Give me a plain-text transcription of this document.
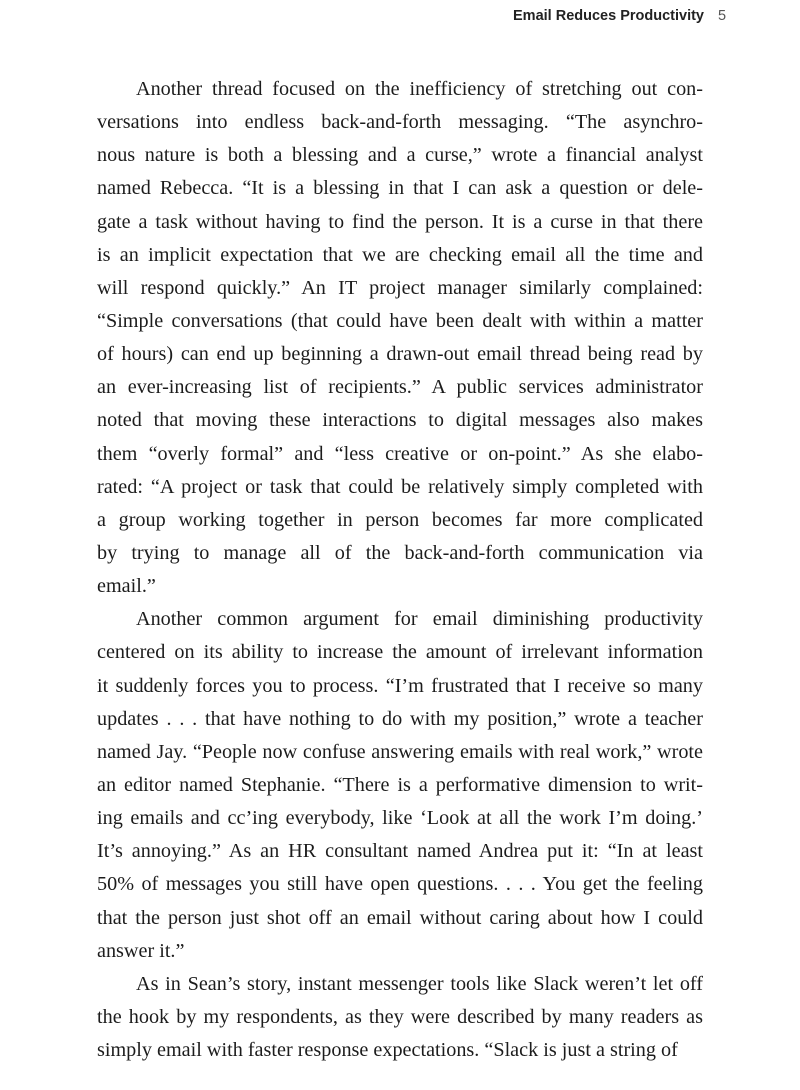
Email Reduces Productivity 5
Another thread focused on the inefficiency of stretching out con-
versations into endless back-and-forth messaging. “The asynchro-
nous nature is both a blessing and a curse,” wrote a financial analyst
named Rebecca. “It is a blessing in that I can ask a question or dele-
gate a task without having to find the person. It is a curse in that there
is an implicit expectation that we are checking email all the time and
will respond quickly.” An IT project manager similarly complained:
“Simple conversations (that could have been dealt with within a matter
of hours) can end up beginning a drawn-out email thread being read by
an ever-increasing list of recipients.” A public services administrator
noted that moving these interactions to digital messages also makes
them “overly formal” and “less creative or on-point.” As she elabo-
rated: “A project or task that could be relatively simply completed with
a group working together in person becomes far more complicated
by trying to manage all of the back-and-forth communication via
email.”
Another common argument for email diminishing productivity
centered on its ability to increase the amount of irrelevant information
it suddenly forces you to process. “I’m frustrated that I receive so many
updates . . . that have nothing to do with my position,” wrote a teacher
named Jay. “People now confuse answering emails with real work,” wrote
an editor named Stephanie. “There is a performative dimension to writ-
ing emails and cc’ing everybody, like ‘Look at all the work I’m doing.’
It’s annoying.” As an HR consultant named Andrea put it: “In at least
50% of messages you still have open questions. . . . You get the feeling
that the person just shot off an email without caring about how I could
answer it.”
As in Sean’s story, instant messenger tools like Slack weren’t let off
the hook by my respondents, as they were described by many readers as
simply email with faster response expectations. “Slack is just a string of
